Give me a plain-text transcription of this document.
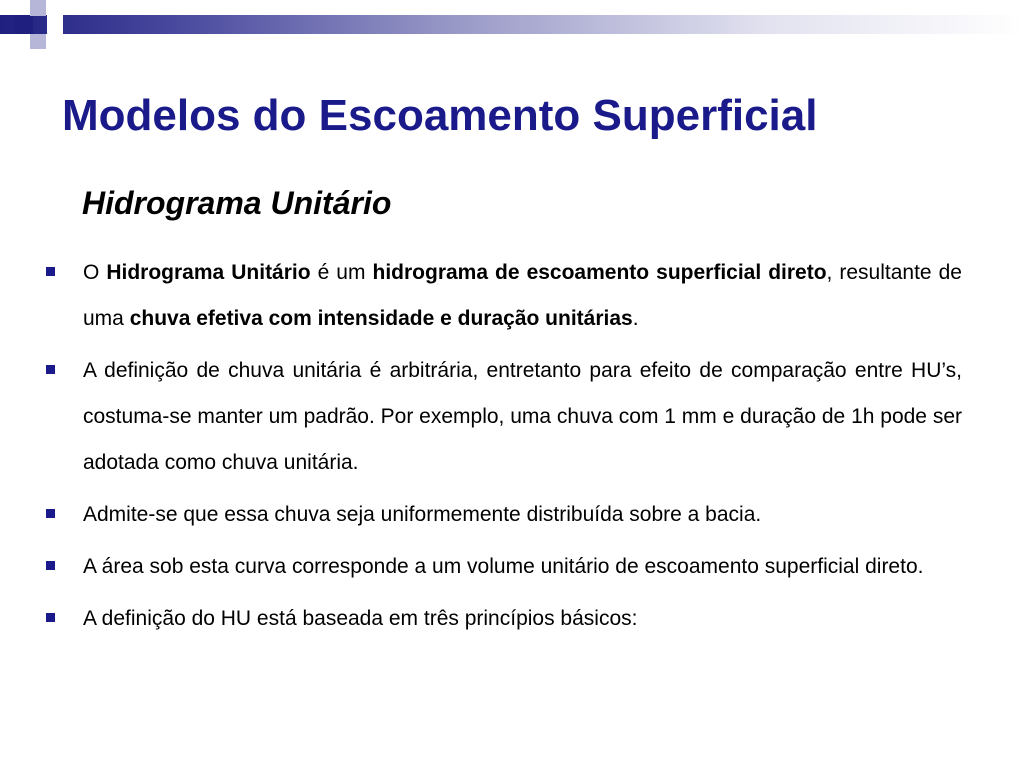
Modelos do Escoamento Superficial
Hidrograma Unitário
O Hidrograma Unitário é um hidrograma de escoamento superficial direto, resultante de uma chuva efetiva com intensidade e duração unitárias.
A definição de chuva unitária é arbitrária, entretanto para efeito de comparação entre HU’s, costuma-se manter um padrão. Por exemplo, uma chuva com 1 mm e duração de 1h pode ser adotada como chuva unitária.
Admite-se que essa chuva seja uniformemente distribuída sobre a bacia.
A área sob esta curva corresponde a um volume unitário de escoamento superficial direto.
A definição do HU está baseada em três princípios básicos:
